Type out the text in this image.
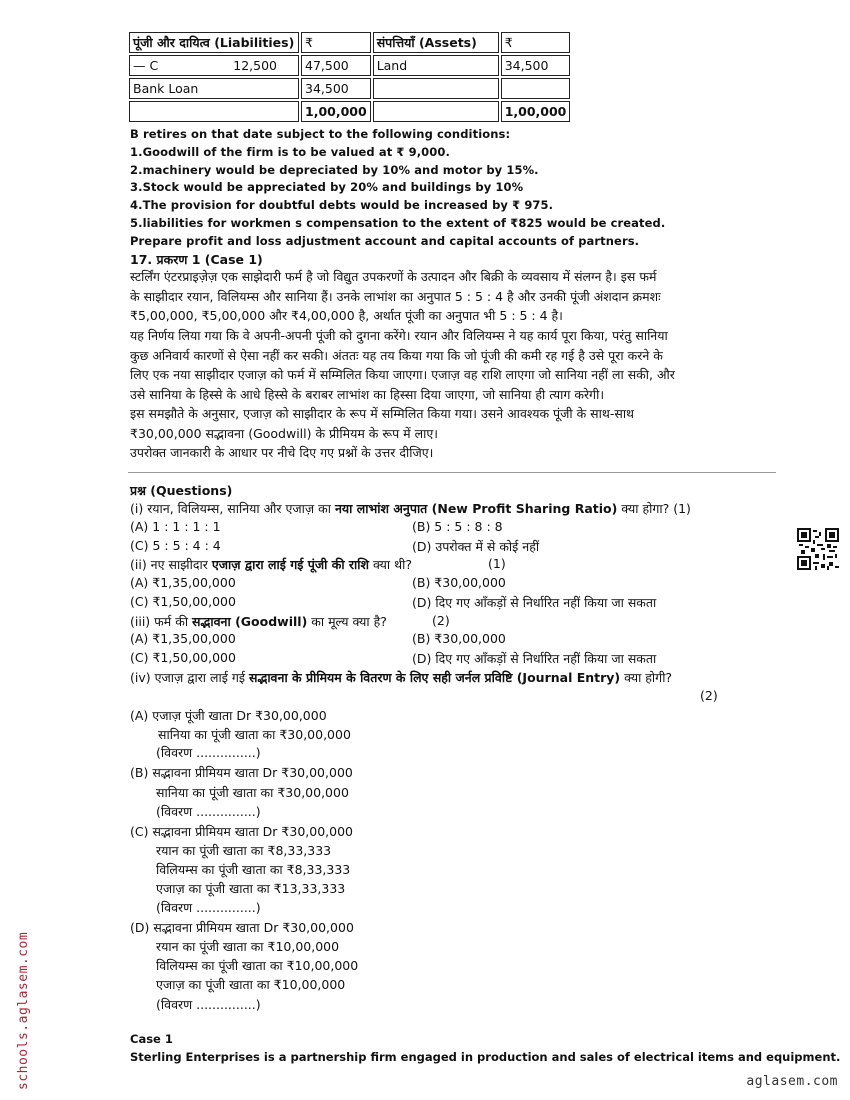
पूंजी और दायित्व (Liabilities)	₹	संपत्तियाँ (Assets)	₹

— C 12,500	47,500	Land	34,500
Bank Loan	34,500		
	1,00,000		1,00,000
B retires on that date subject to the following conditions:
1.Goodwill of the firm is to be valued at ₹ 9,000.
2.machinery would be depreciated by 10% and motor by 15%.
3.Stock would be appreciated by 20% and buildings by 10%
4.The provision for doubtful debts would be increased by ₹ 975.
5.liabilities for workmen s compensation to the extent of ₹825 would be created.
Prepare profit and loss adjustment account and capital accounts of partners.
17. प्रकरण 1 (Case 1)
स्टर्लिंग एंटरप्राइज़ेज़ एक साझेदारी फर्म है जो विद्युत उपकरणों के उत्पादन और बिक्री के व्यवसाय में संलग्न है। इस फर्म
के साझीदार रयान, विलियम्स और सानिया हैं। उनके लाभांश का अनुपात 5 : 5 : 4 है और उनकी पूंजी अंशदान क्रमशः
₹5,00,000, ₹5,00,000 और ₹4,00,000 है, अर्थात पूंजी का अनुपात भी 5 : 5 : 4 है।
यह निर्णय लिया गया कि वे अपनी-अपनी पूंजी को दुगना करेंगे। रयान और विलियम्स ने यह कार्य पूरा किया, परंतु सानिया
कुछ अनिवार्य कारणों से ऐसा नहीं कर सकी। अंततः यह तय किया गया कि जो पूंजी की कमी रह गई है उसे पूरा करने के
लिए एक नया साझीदार एजाज़ को फर्म में सम्मिलित किया जाएगा। एजाज़ वह राशि लाएगा जो सानिया नहीं ला सकी, और
उसे सानिया के हिस्से के आधे हिस्से के बराबर लाभांश का हिस्सा दिया जाएगा, जो सानिया ही त्याग करेगी।
इस समझौते के अनुसार, एजाज़ को साझीदार के रूप में सम्मिलित किया गया। उसने आवश्यक पूंजी के साथ-साथ
₹30,00,000 सद्भावना (Goodwill) के प्रीमियम के रूप में लाए।
उपरोक्त जानकारी के आधार पर नीचे दिए गए प्रश्नों के उत्तर दीजिए।
प्रश्न (Questions)
(i) रयान, विलियम्स, सानिया और एजाज़ का नया लाभांश अनुपात (New Profit Sharing Ratio) क्या होगा? (1)
(A) 1 : 1 : 1 : 1	(B) 5 : 5 : 8 : 8
(C) 5 : 5 : 4 : 4	(D) उपरोक्त में से कोई नहीं
(ii) नए साझीदार एजाज़ द्वारा लाई गई पूंजी की राशि क्या थी?	(1)
(A) ₹1,35,00,000	(B) ₹30,00,000
(C) ₹1,50,00,000	(D) दिए गए आँकड़ों से निर्धारित नहीं किया जा सकता
(iii) फर्म की सद्भावना (Goodwill) का मूल्य क्या है?	(2)
(A) ₹1,35,00,000	(B) ₹30,00,000
(C) ₹1,50,00,000	(D) दिए गए आँकड़ों से निर्धारित नहीं किया जा सकता
(iv) एजाज़ द्वारा लाई गई सद्भावना के प्रीमियम के वितरण के लिए सही जर्नल प्रविष्टि (Journal Entry) क्या होगी?
(2)
(A) एजाज़ पूंजी खाता Dr ₹30,00,000
सानिया का पूंजी खाता का ₹30,00,000
(विवरण ...............)
(B) सद्भावना प्रीमियम खाता Dr ₹30,00,000
सानिया का पूंजी खाता का ₹30,00,000
(विवरण ...............)
(C) सद्भावना प्रीमियम खाता Dr ₹30,00,000
रयान का पूंजी खाता का ₹8,33,333
विलियम्स का पूंजी खाता का ₹8,33,333
एजाज़ का पूंजी खाता का ₹13,33,333
(विवरण ...............)
(D) सद्भावना प्रीमियम खाता Dr ₹30,00,000
रयान का पूंजी खाता का ₹10,00,000
विलियम्स का पूंजी खाता का ₹10,00,000
एजाज़ का पूंजी खाता का ₹10,00,000
(विवरण ...............)
Case 1
Sterling Enterprises is a partnership firm engaged in production and sales of electrical items and equipment.
schools.aglasem.com	aglasem.com
